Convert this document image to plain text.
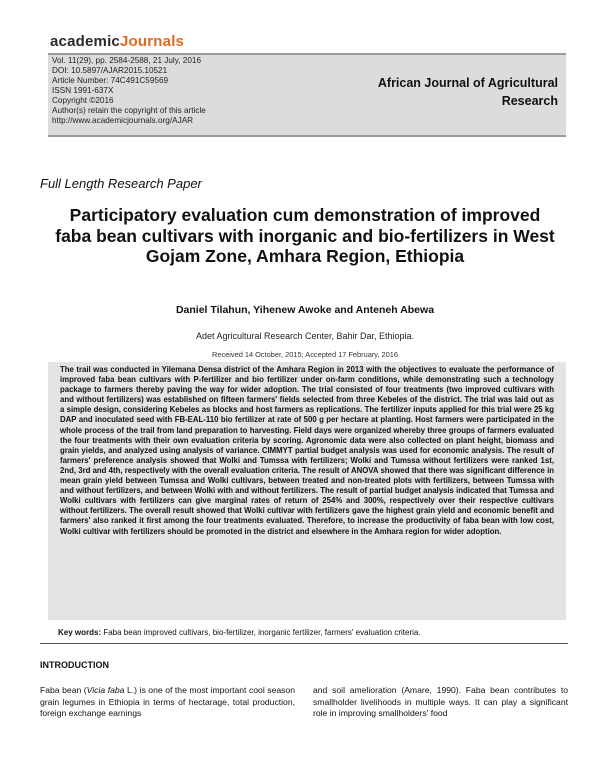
academicJournals
Vol. 11(29), pp. 2584-2588, 21 July, 2016
DOI: 10.5897/AJAR2015.10521
Article Number: 74C491C59569
ISSN 1991-637X
Copyright ©2016
Author(s) retain the copyright of this article
http://www.academicjournals.org/AJAR
African Journal of Agricultural
Research
Full Length Research Paper
Participatory evaluation cum demonstration of improved faba bean cultivars with inorganic and bio-fertilizers in West Gojam Zone, Amhara Region, Ethiopia
Daniel Tilahun, Yihenew Awoke and Anteneh Abewa
Adet Agricultural Research Center, Bahir Dar, Ethiopia.
Received 14 October, 2015; Accepted 17 February, 2016
The trail was conducted in Yilemana Densa district of the Amhara Region in 2013 with the objectives to evaluate the performance of improved faba bean cultivars with P-fertilizer and bio fertilizer under on-farm conditions, while demonstrating such a technology package to farmers thereby paving the way for wider adoption. The trial consisted of four treatments (two improved cultivars with and without fertilizers) was established on fifteen farmers' fields selected from three Kebeles of the district. The trial was laid out as a simple design, considering Kebeles as blocks and host farmers as replications. The fertilizer inputs applied for this trial were 25 kg DAP and inoculated seed with FB-EAL-110 bio fertilizer at rate of 500 g per hectare at planting. Host farmers were participated in the whole process of the trail from land preparation to harvesting. Field days were organized whereby three groups of farmers evaluated the four treatments with their own evaluation criteria by scoring. Agronomic data were also collected on plant height, biomass and grain yields, and analyzed using analysis of variance. CIMMYT partial budget analysis was used for economic analysis. The result of farmers' preference analysis showed that Wolki and Tumssa with fertilizers; Wolki and Tumssa without fertilizers were ranked 1st, 2nd, 3rd and 4th, respectively with the overall evaluation criteria. The result of ANOVA showed that there was significant difference in mean grain yield between Tumssa and Wolki cultivars, between treated and non-treated plots with fertilizers, between Tumssa with and without fertilizers, and between Wolki with and without fertilizers. The result of partial budget analysis indicated that Tumssa and Wolki cultivars with fertilizers can give marginal rates of return of 254% and 300%, respectively over their respective cultivars without fertilizers. The overall result showed that Wolki cultivar with fertilizers gave the highest grain yield and economic benefit and farmers' also ranked it first among the four treatments evaluated. Therefore, to increase the productivity of faba bean with low cost, Wolki cultivar with fertilizers should be promoted in the district and elsewhere in the Amhara region for wider adoption.
Key words: Faba bean improved cultivars, bio-fertilizer, inorganic fertilizer, farmers' evaluation criteria.
INTRODUCTION
Faba bean (Vicia faba L.) is one of the most important cool season grain legumes in Ethiopia in terms of hectarage, total production, foreign exchange earnings
and soil amelioration (Amare, 1990). Faba bean contributes to smallholder livelihoods in multiple ways. It can play a significant role in improving smallholders' food
